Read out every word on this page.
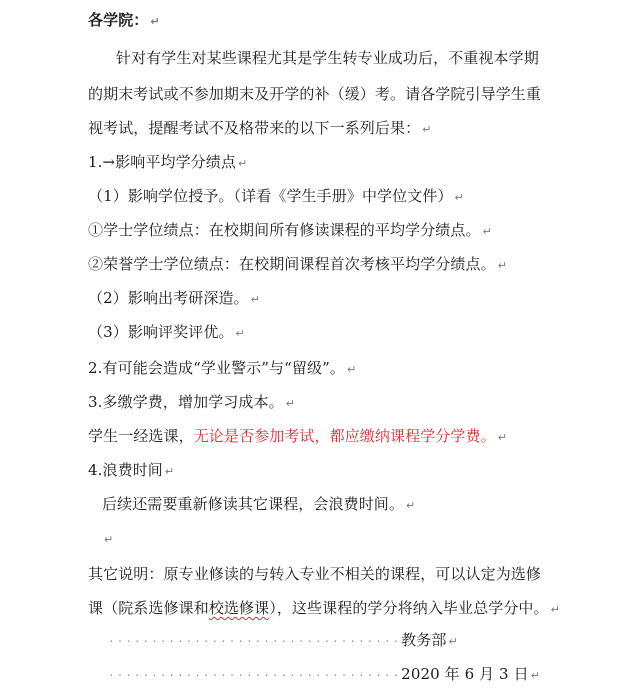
各学院： ↵
针对有学生对某些课程尤其是学生转专业成功后，不重视本学期
的期末考试或不参加期末及开学的补（缓）考。请各学院引导学生重
视考试，提醒考试不及格带来的以下一系列后果： ↵
1.→影响平均学分绩点 ↵
（1）影响学位授予。（详看《学生手册》中学位文件） ↵
①学士学位绩点：在校期间所有修读课程的平均学分绩点。 ↵
②荣誉学士学位绩点：在校期间课程首次考核平均学分绩点。 ↵
（2）影响出考研深造。 ↵
（3）影响评奖评优。 ↵
2.有可能会造成“学业警示”与“留级”。 ↵
3.多缴学费，增加学习成本。 ↵
学生一经选课，无论是否参加考试，都应缴纳课程学分学费。 ↵
4.浪费时间 ↵
后续还需要重新修读其它课程，会浪费时间。 ↵
↵
其它说明：原专业修读的与转入专业不相关的课程，可以认定为选修
课（院系选修课和校选修课），这些课程的学分将纳入毕业总学分中。 ↵
··································教务部 ↵
··································2020 年 6 月 3 日 ↵
